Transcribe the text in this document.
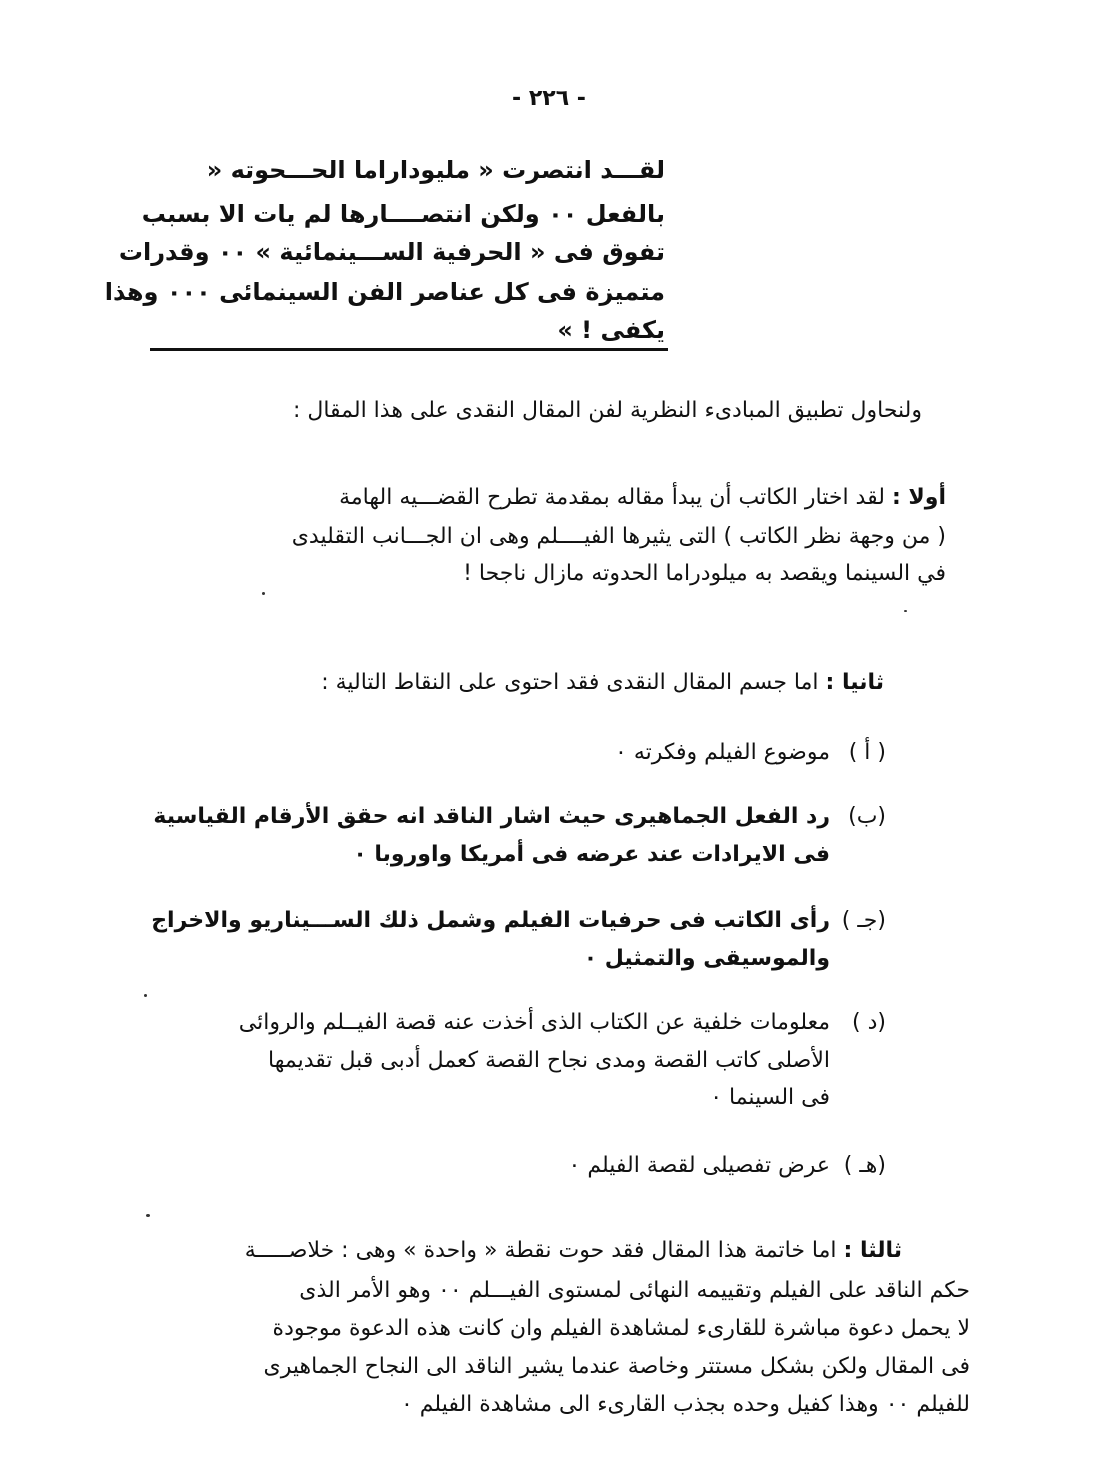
- ٢٢٦ -

لقـــد انتصرت « مليوداراما الحـــحوته «

بالفعل ٠٠ ولكن انتصــــارها لم يات الا بسبب

تفوق فى « الحرفية الســـينمائية » ٠٠ وقدرات

متميزة فى كل عناصر الفن السينمائى ٠٠٠ وهذا

يكفى ! »

ولنحاول تطبيق المبادىء النظرية لفن المقال النقدى على هذا المقال :

أولا : لقد اختار الكاتب أن يبدأ مقاله بمقدمة تطرح القضـــيه الهامة

( من وجهة نظر الكاتب ) التى يثيرها الفيــــلم وهى ان الجـــانب التقليدى

في السينما ويقصد به ميلودراما الحدوته مازال ناجحا !

ثانيا : اما جسم المقال النقدى فقد احتوى على النقاط التالية :

( أ )
موضوع الفيلم وفكرته ٠
(ب)
رد الفعل الجماهيرى حيث اشار الناقد انه حقق الأرقام القياسية
فى الايرادات عند عرضه فى أمريكا واوروبا ٠
(جـ )
رأى الكاتب فى حرفيات الفيلم وشمل ذلك الســـيناريو والاخراج
والموسيقى والتمثيل ٠
(د )
معلومات خلفية عن الكتاب الذى أخذت عنه قصة الفيــلم والروائى
الأصلى كاتب القصة ومدى نجاح القصة كعمل أدبى قبل تقديمها
فى السينما ٠
(هـ )
عرض تفصيلى لقصة الفيلم ٠

ثالثا : اما خاتمة هذا المقال فقد حوت نقطة « واحدة » وهى : خلاصـــــة

حكم الناقد على الفيلم وتقييمه النهائى لمستوى الفيـــلم ٠٠ وهو الأمر الذى

لا يحمل دعوة مباشرة للقارىء لمشاهدة الفيلم وان كانت هذه الدعوة موجودة

فى المقال ولكن بشكل مستتر وخاصة عندما يشير الناقد الى النجاح الجماهيرى

للفيلم ٠٠ وهذا كفيل وحده بجذب القارىء الى مشاهدة الفيلم ٠
